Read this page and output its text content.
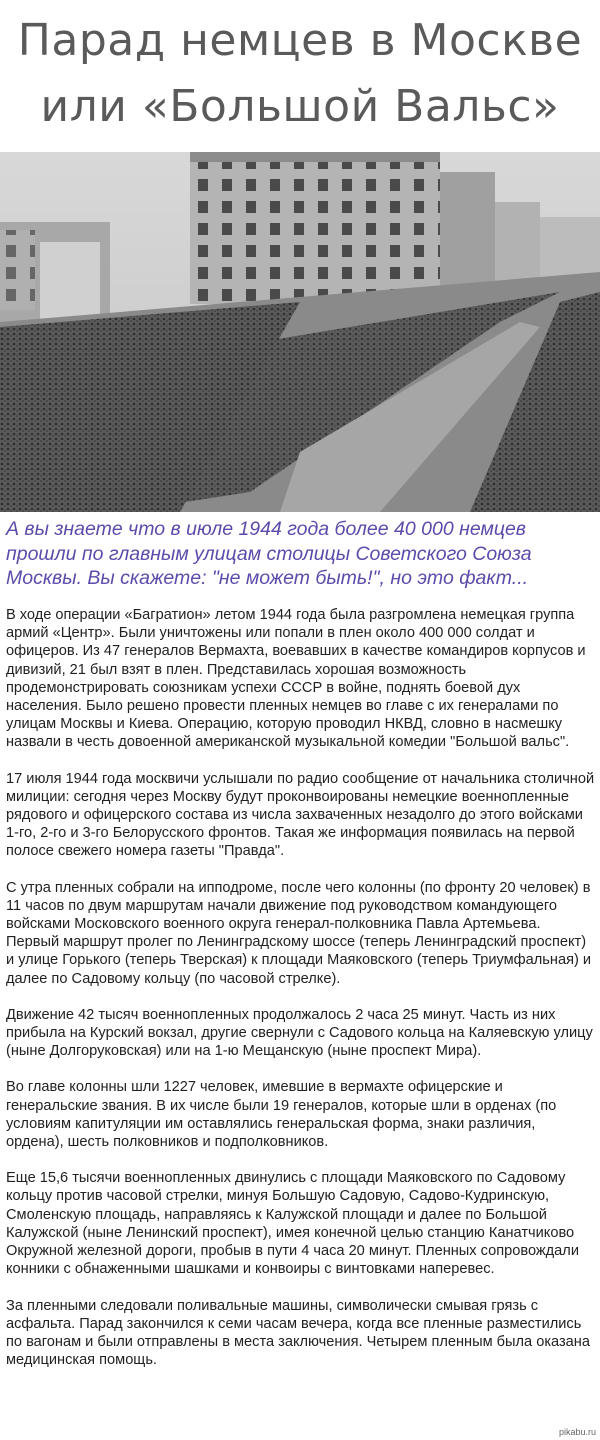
Парад немцев в Москве
или «Большой Вальс»
А вы знаете что в июле 1944 года более 40 000 немцев прошли по главным улицам столицы Советского Союза Москвы. Вы скажете: "не может быть!", но это факт...

В ходе операции «Багратион» летом 1944 года была разгромлена немецкая группа армий «Центр». Были уничтожены или попали в плен около 400 000 солдат и офицеров. Из 47 генералов Вермахта, воевавших в качестве командиров корпусов и дивизий, 21 был взят в плен. Представилась хорошая возможность продемонстрировать союзникам успехи СССР в войне, поднять боевой дух населения. Было решено провести пленных немцев во главе с их генералами по улицам Москвы и Киева. Операцию, которую проводил НКВД, словно в насмешку назвали в честь довоенной американской музыкальной комедии "Большой вальс".

17 июля 1944 года москвичи услышали по радио сообщение от начальника столичной милиции: сегодня через Москву будут проконвоированы немецкие военнопленные рядового и офицерского состава из числа захваченных незадолго до этого войсками 1-го, 2-го и 3-го Белорусского фронтов. Такая же информация появилась на первой полосе свежего номера газеты "Правда".

С утра пленных собрали на ипподроме, после чего колонны (по фронту 20 человек) в 11 часов по двум маршрутам начали движение под руководством командующего войсками Московского военного округа генерал-полковника Павла Артемьева. Первый маршрут пролег по Ленинградскому шоссе (теперь Ленинградский проспект) и улице Горького (теперь Тверская) к площади Маяковского (теперь Триумфальная) и далее по Садовому кольцу (по часовой стрелке).

Движение 42 тысяч военнопленных продолжалось 2 часа 25 минут. Часть из них прибыла на Курский вокзал, другие свернули с Садового кольца на Каляевскую улицу (ныне Долгоруковская) или на 1-ю Мещанскую (ныне проспект Мира).

Во главе колонны шли 1227 человек, имевшие в вермахте офицерские и генеральские звания. В их числе были 19 генералов, которые шли в орденах (по условиям капитуляции им оставлялись генеральская форма, знаки различия, ордена), шесть полковников и подполковников.

Еще 15,6 тысячи военнопленных двинулись с площади Маяковского по Садовому кольцу против часовой стрелки, минуя Большую Садовую, Садово-Кудринскую, Смоленскую площадь, направляясь к Калужской площади и далее по Большой Калужской (ныне Ленинский проспект), имея конечной целью станцию Канатчиково Окружной железной дороги, пробыв в пути 4 часа 20 минут. Пленных сопровождали конники с обнаженными шашками и конвоиры с винтовками наперевес.

За пленными следовали поливальные машины, символически смывая грязь с асфальта. Парад закончился к семи часам вечера, когда все пленные разместились по вагонам и были отправлены в места заключения. Четырем пленным была оказана медицинская помощь.

pikabu.ru
